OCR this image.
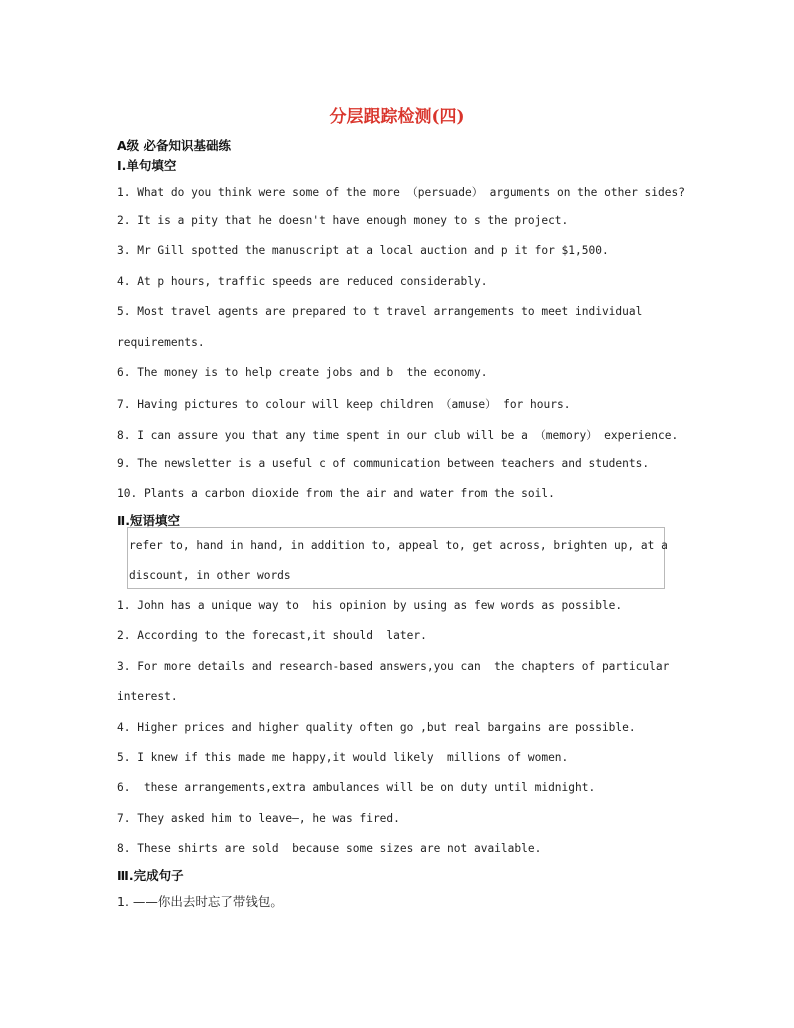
分层跟踪检测(四)
A级 必备知识基础练
Ⅰ.单句填空
1. What do you think were some of the more （persuade） arguments on the other sides?
2. It is a pity that he doesn't have enough money to s the project.
3. Mr Gill spotted the manuscript at a local auction and p it for $1,500.
4. At p hours, traffic speeds are reduced considerably.
5. Most travel agents are prepared to t travel arrangements to meet individual
requirements.
6. The money is to help create jobs and b  the economy.
7. Having pictures to colour will keep children （amuse） for hours.
8. I can assure you that any time spent in our club will be a （memory） experience.
9. The newsletter is a useful c of communication between teachers and students.
10. Plants a carbon dioxide from the air and water from the soil.
Ⅱ.短语填空
refer to, hand in hand, in addition to, appeal to, get across, brighten up, at a
discount, in other words
1. John has a unique way to  his opinion by using as few words as possible.
2. According to the forecast,it should  later.
3. For more details and research-based answers,you can  the chapters of particular
interest.
4. Higher prices and higher quality often go ,but real bargains are possible.
5. I knew if this made me happy,it would likely  millions of women.
6.  these arrangements,extra ambulances will be on duty until midnight.
7. They asked him to leave—, he was fired.
8. These shirts are sold  because some sizes are not available.
Ⅲ.完成句子
1. ——你出去时忘了带钱包。
